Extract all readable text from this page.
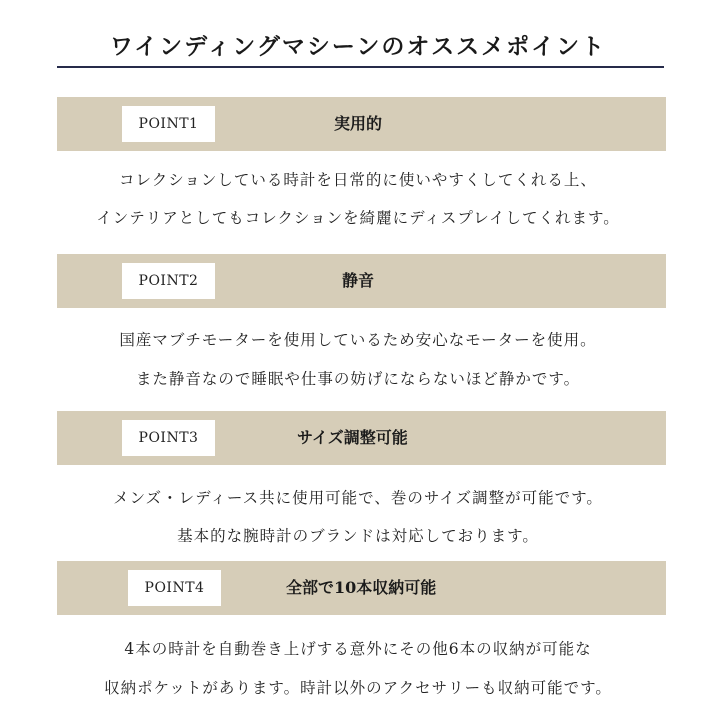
ワインディングマシーンのオススメポイント
POINT1	実用的
コレクションしている時計を日常的に使いやすくしてくれる上、
インテリアとしてもコレクションを綺麗にディスプレイしてくれます。
POINT2	静音
国産マブチモーターを使用しているため安心なモーターを使用。
また静音なので睡眠や仕事の妨げにならないほど静かです。
POINT3	サイズ調整可能
メンズ・レディース共に使用可能で、巻のサイズ調整が可能です。
基本的な腕時計のブランドは対応しております。
POINT4	全部で10本収納可能
4本の時計を自動巻き上げする意外にその他6本の収納が可能な
収納ポケットがあります。時計以外のアクセサリーも収納可能です。
